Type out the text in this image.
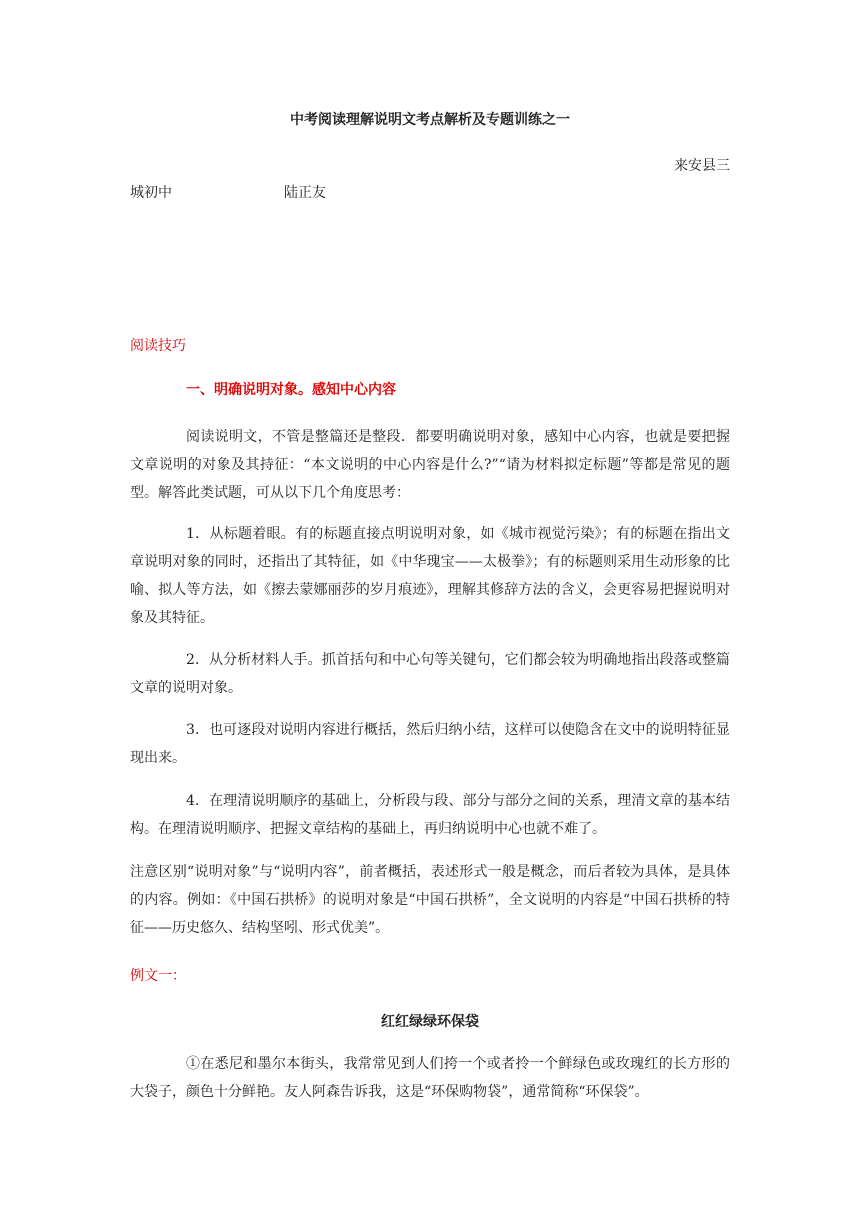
中考阅读理解说明文考点解析及专题训练之一
来安县三
城初中	陆正友
阅读技巧
一、明确说明对象。感知中心内容

阅读说明文，不管是整篇还是整段．都要明确说明对象，感知中心内容，也就是要把握文章说明的对象及其持征：“本文说明的中心内容是什么?”“请为材料拟定标题”等都是常见的题型。解答此类试题，可从以下几个角度思考：

1．从标题着眼。有的标题直接点明说明对象，如《城市视觉污染》；有的标题在指出文章说明对象的同时，还指出了其特征，如《中华瑰宝——太极拳》；有的标题则采用生动形象的比喻、拟人等方法，如《擦去蒙娜丽莎的岁月痕迹》，理解其修辞方法的含义，会更容易把握说明对象及其特征。

2．从分析材料人手。抓首括句和中心句等关键句，它们都会较为明确地指出段落或整篇文章的说明对象。

3．也可逐段对说明内容进行概括，然后归纳小结，这样可以使隐含在文中的说明特征显现出来。

4．在理清说明顺序的基础上，分析段与段、部分与部分之间的关系，理清文章的基本结构。在理清说明顺序、把握文章结构的基础上，再归纳说明中心也就不难了。

注意区别“说明对象”与“说明内容”，前者概括，表述形式一般是概念，而后者较为具体，是具体的内容。例如：《中国石拱桥》的说明对象是“中国石拱桥”，全文说明的内容是“中国石拱桥的特征——历史悠久、结构坚吲、形式优美”。

例文一：
红红绿绿环保袋

①在悉尼和墨尔本街头，我常常见到人们挎一个或者拎一个鲜绿色或玫瑰红的长方形的大袋子，颜色十分鲜艳。友人阿森告诉我，这是“环保购物袋”，通常简称“环保袋”。
